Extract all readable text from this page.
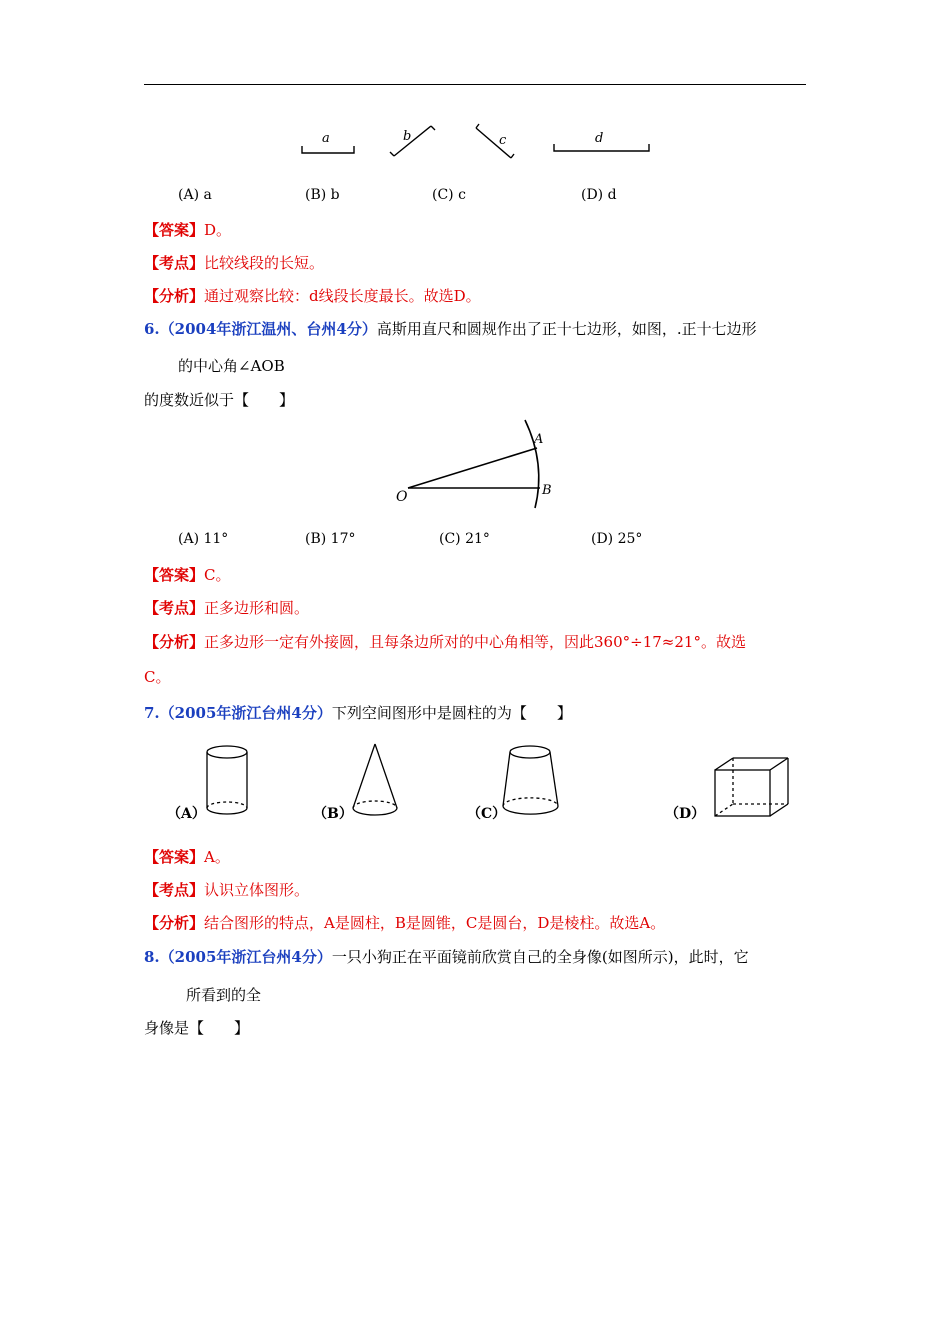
a	b	c	d
(A) a	(B) b	(C) c	(D) d
【答案】D。
【考点】比较线段的长短。
【分析】通过观察比较：d线段长度最长。故选D。
6.（2004年浙江温州、台州4分）高斯用直尺和圆规作出了正十七边形，如图，.正十七边形
的中心角∠AOB
的度数近似于【　　】
O
A
B
(A) 11°	(B) 17°	(C) 21°	(D) 25°
【答案】C。
【考点】正多边形和圆。
【分析】正多边形一定有外接圆，且每条边所对的中心角相等，因此360°÷17≈21°。故选
C。
7.（2005年浙江台州4分）下列空间图形中是圆柱的为【　　】
（A）	（B）	（C）	（D）
【答案】A。
【考点】认识立体图形。
【分析】结合图形的特点，A是圆柱，B是圆锥，C是圆台，D是棱柱。故选A。
8.（2005年浙江台州4分）一只小狗正在平面镜前欣赏自己的全身像(如图所示)，此时，它
所看到的全
身像是【　　】
